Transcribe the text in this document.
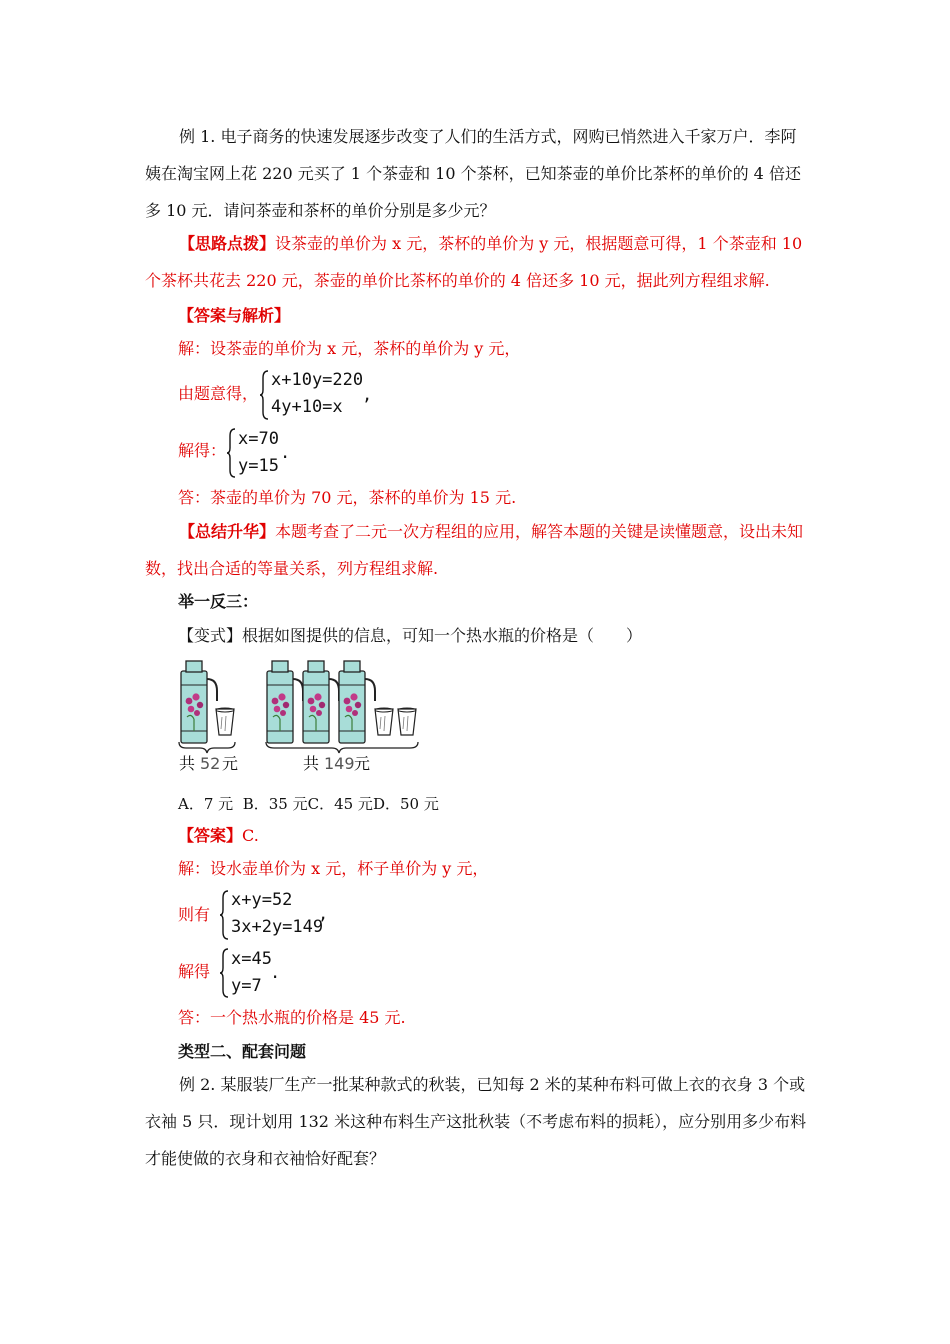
例 1. 电子商务的快速发展逐步改变了人们的生活方式，网购已悄然进入千家万户．李阿姨在淘宝网上花 220 元买了 1 个茶壶和 10 个茶杯，已知茶壶的单价比茶杯的单价的 4 倍还多 10 元．请问茶壶和茶杯的单价分别是多少元？

【思路点拨】设茶壶的单价为 x 元，茶杯的单价为 y 元，根据题意可得，1 个茶壶和 10 个茶杯共花去 220 元，茶壶的单价比茶杯的单价的 4 倍还多 10 元，据此列方程组求解.

【答案与解析】
解：设茶壶的单价为 x 元，茶杯的单价为 y 元，
由题意得，
x+10y=220
4y+10=x
,
解得：
x=70
y=15
.
答：茶壶的单价为 70 元，茶杯的单价为 15 元.

【总结升华】本题考查了二元一次方程组的应用，解答本题的关键是读懂题意，设出未知数，找出合适的等量关系，列方程组求解.

举一反三：
【变式】根据如图提供的信息，可知一个热水瓶的价格是（　　）
共 52 元	共 149 元
A．7 元 B．35 元C．45 元D．50 元
【答案】C.
解：设水壶单价为 x 元，杯子单价为 y 元，
则有
x+y=52
3x+2y=149
,
解得
x=45
y=7
.
答：一个热水瓶的价格是 45 元.
类型二、配套问题

例 2. 某服装厂生产一批某种款式的秋装，已知每 2 米的某种布料可做上衣的衣身 3 个或衣袖 5 只．现计划用 132 米这种布料生产这批秋装（不考虑布料的损耗），应分别用多少布料才能使做的衣身和衣袖恰好配套？
